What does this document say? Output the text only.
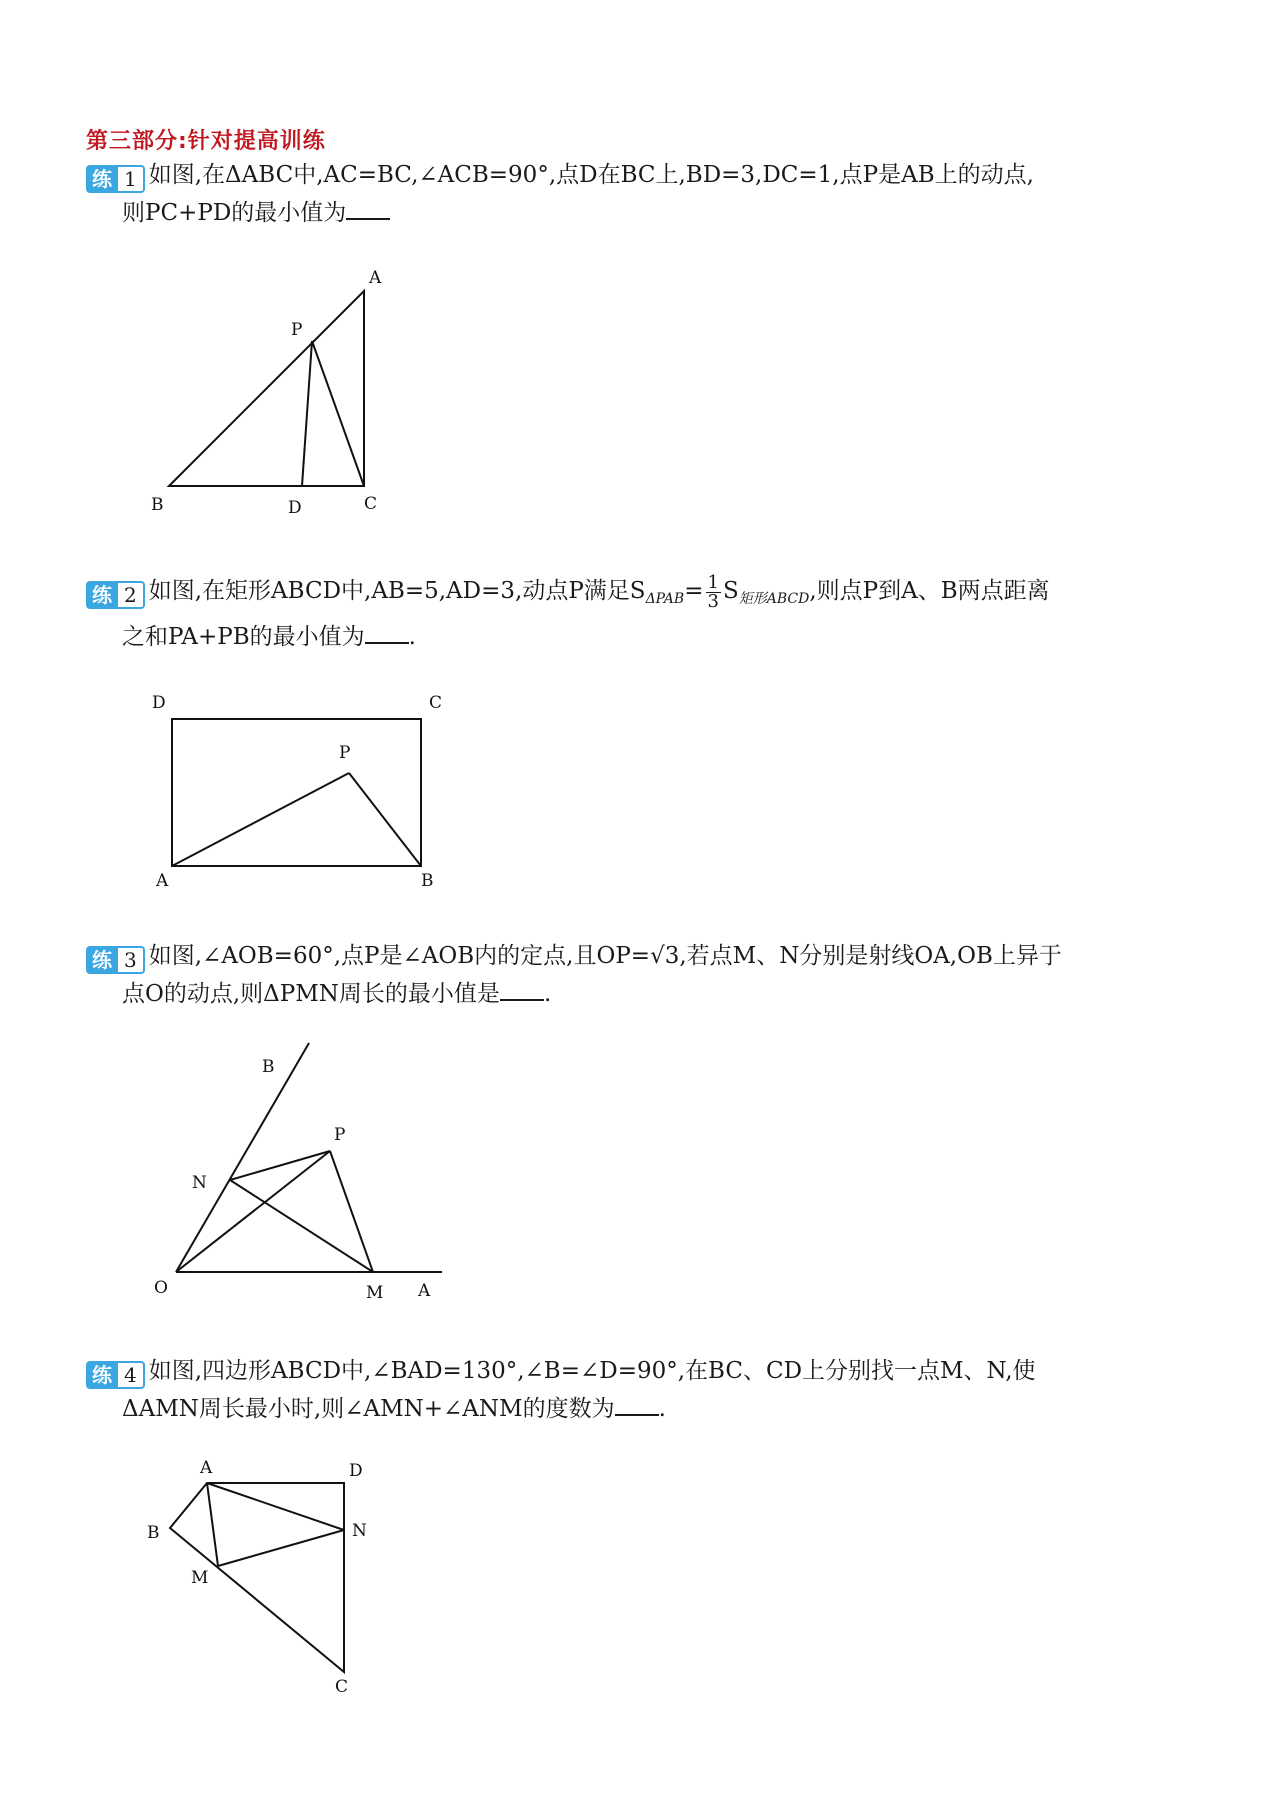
第三部分:针对提高训练
练 1 如图,在ΔABC中,AC=BC,∠ACB=90°,点D在BC上,BD=3,DC=1,点P是AB上的动点,
则PC+PD的最小值为
A
P
B	D	C
练 2 如图,在矩形ABCD中,AB=5,AD=3,动点P满足$S_{\Delta PAB}= \frac{1}{3} S_{矩形ABCD}$,则点P到A、B两点距离
之和PA+PB的最小值为 .
D	C
P
A	B
练 3 如图,∠AOB=60°,点P是∠AOB内的定点,且OP=√3,若点M、N分别是射线OA,OB上异于
点O的动点,则ΔPMN周长的最小值是 .
B
P
N
O	M A
练 4 如图,四边形ABCD中,∠BAD=130°,∠B=∠D=90°,在BC、CD上分别找一点M、N,使
ΔAMN周长最小时,则∠AMN+∠ANM的度数为 .
A	D
B	N
M
C
